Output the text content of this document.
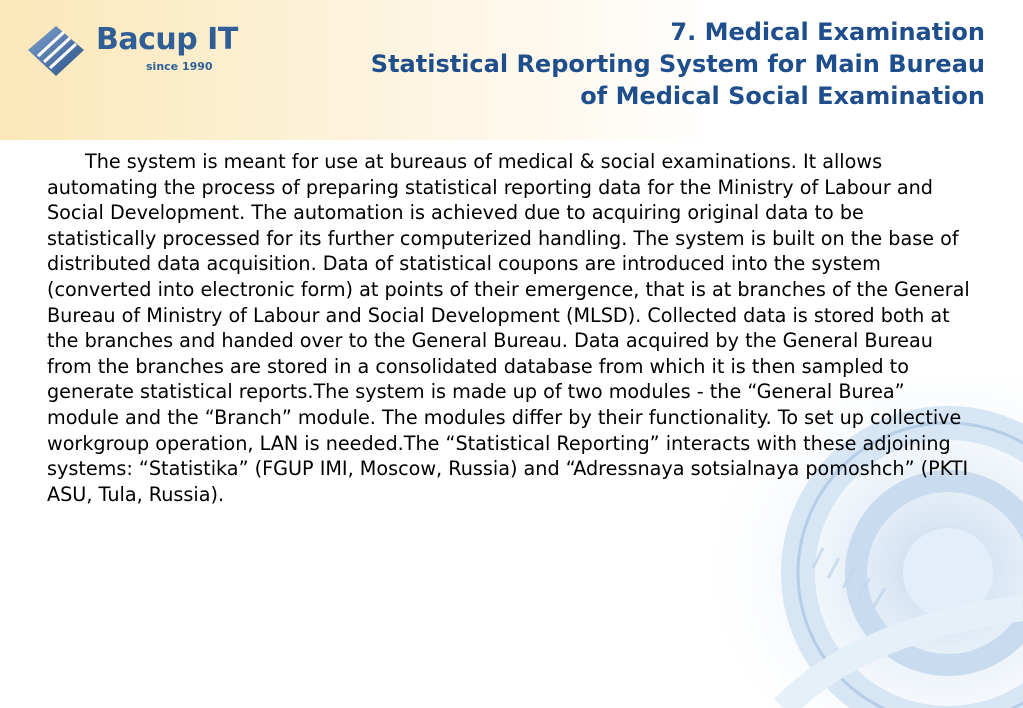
Bacup IT
since 1990
7. Medical Examination
Statistical Reporting System for Main Bureau
of Medical Social Examination

The system is meant for use at bureaus of medical & social examinations. It allows automating the process of preparing statistical reporting data for the Ministry of Labour and Social Development. The automation is achieved due to acquiring original data to be statistically processed for its further computerized handling. The system is built on the base of distributed data acquisition. Data of statistical coupons are introduced into the system (converted into electronic form) at points of their emergence, that is at branches of the General Bureau of Ministry of Labour and Social Development (MLSD). Collected data is stored both at the branches and handed over to the General Bureau. Data acquired by the General Bureau from the branches are stored in a consolidated database from which it is then sampled to generate statistical reports.The system is made up of two modules - the “General Burea” module and the “Branch” module. The modules differ by their functionality. To set up collective workgroup operation, LAN is needed.The “Statistical Reporting” interacts with these adjoining systems: “Statistika” (FGUP IMI, Moscow, Russia) and “Adressnaya sotsialnaya pomoshch” (PKTI ASU, Tula, Russia).
